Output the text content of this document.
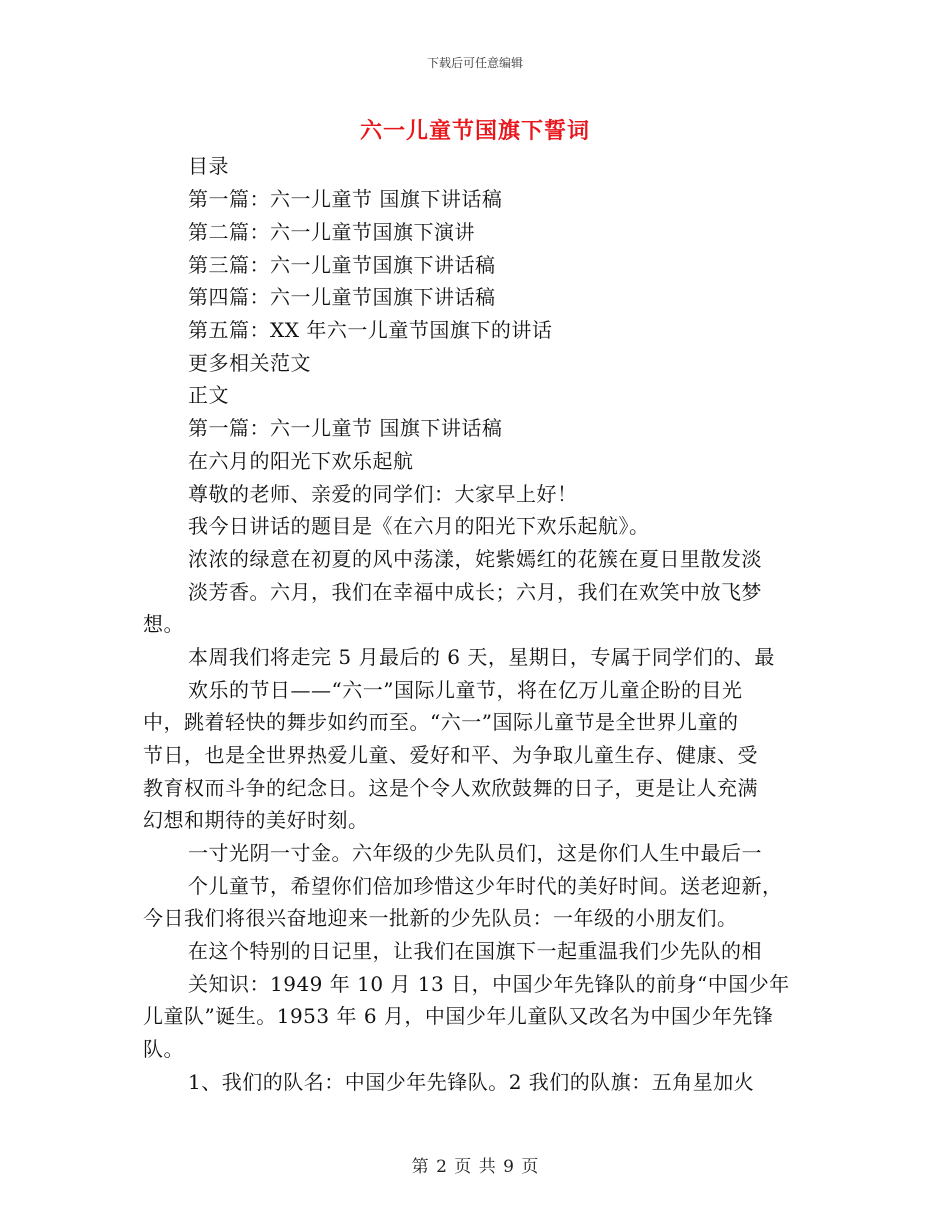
下载后可任意编辑
六一儿童节国旗下誓词
目录
第一篇：六一儿童节 国旗下讲话稿
第二篇：六一儿童节国旗下演讲
第三篇：六一儿童节国旗下讲话稿
第四篇：六一儿童节国旗下讲话稿
第五篇：XX 年六一儿童节国旗下的讲话
更多相关范文
正文
第一篇：六一儿童节 国旗下讲话稿
在六月的阳光下欢乐起航
尊敬的老师、亲爱的同学们：大家早上好！
我今日讲话的题目是《在六月的阳光下欢乐起航》。
浓浓的绿意在初夏的风中荡漾，姹紫嫣红的花簇在夏日里散发淡
淡芳香。六月，我们在幸福中成长；六月，我们在欢笑中放飞梦
想。
本周我们将走完 5 月最后的 6 天，星期日，专属于同学们的、最
欢乐的节日——“六一”国际儿童节，将在亿万儿童企盼的目光
中，跳着轻快的舞步如约而至。“六一”国际儿童节是全世界儿童的
节日，也是全世界热爱儿童、爱好和平、为争取儿童生存、健康、受
教育权而斗争的纪念日。这是个令人欢欣鼓舞的日子，更是让人充满
幻想和期待的美好时刻。
一寸光阴一寸金。六年级的少先队员们，这是你们人生中最后一
个儿童节，希望你们倍加珍惜这少年时代的美好时间。送老迎新，
今日我们将很兴奋地迎来一批新的少先队员：一年级的小朋友们。
在这个特别的日记里，让我们在国旗下一起重温我们少先队的相
关知识：1949 年 10 月 13 日，中国少年先锋队的前身“中国少年
儿童队”诞生。1953 年 6 月，中国少年儿童队又改名为中国少年先锋
队。
1、我们的队名：中国少年先锋队。2 我们的队旗：五角星加火
第 2 页 共 9 页
